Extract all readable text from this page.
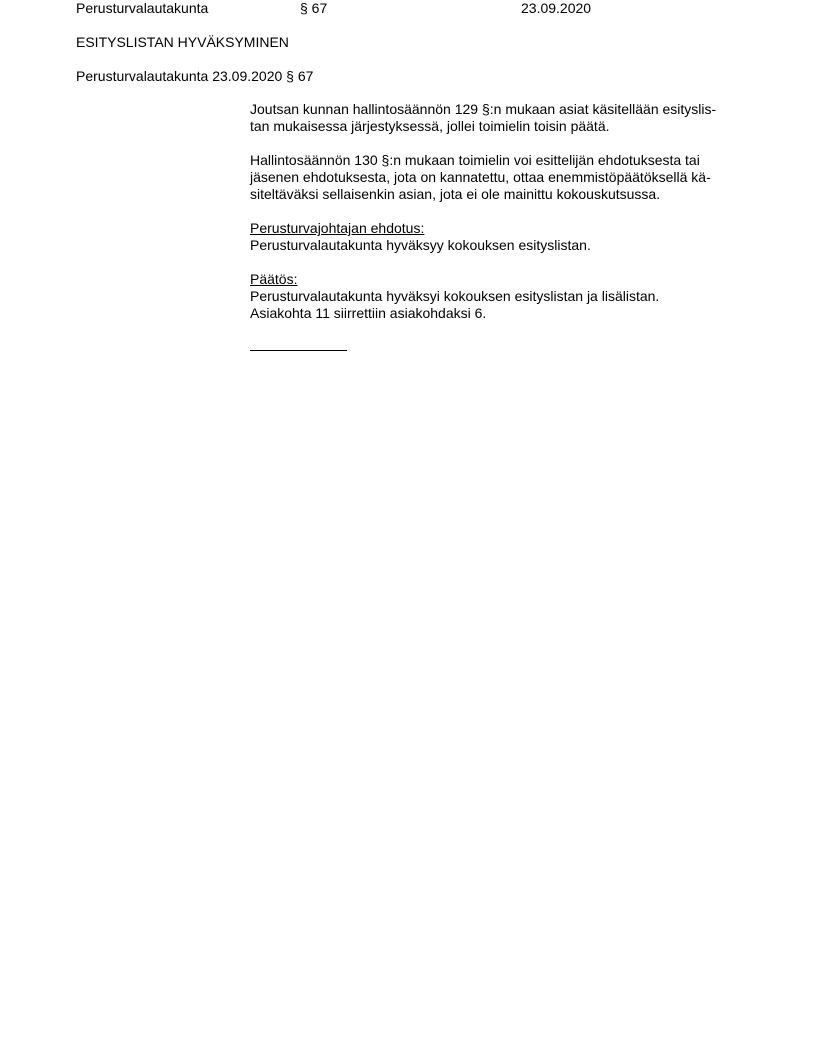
Perusturvalautakunta	§ 67	23.09.2020
ESITYSLISTAN HYVÄKSYMINEN
Perusturvalautakunta 23.09.2020 § 67
Joutsan kunnan hallintosäännön 129 §:n mukaan asiat käsitellään esityslis-
tan mukaisessa järjestyksessä, jollei toimielin toisin päätä.
Hallintosäännön 130 §:n mukaan toimielin voi esittelijän ehdotuksesta tai
jäsenen ehdotuksesta, jota on kannatettu, ottaa enemmistöpäätöksellä kä-
siteltäväksi sellaisenkin asian, jota ei ole mainittu kokouskutsussa.
Perusturvajohtajan ehdotus:
Perusturvalautakunta hyväksyy kokouksen esityslistan.
Päätös:
Perusturvalautakunta hyväksyi kokouksen esityslistan ja lisälistan.
Asiakohta 11 siirrettiin asiakohdaksi 6.
